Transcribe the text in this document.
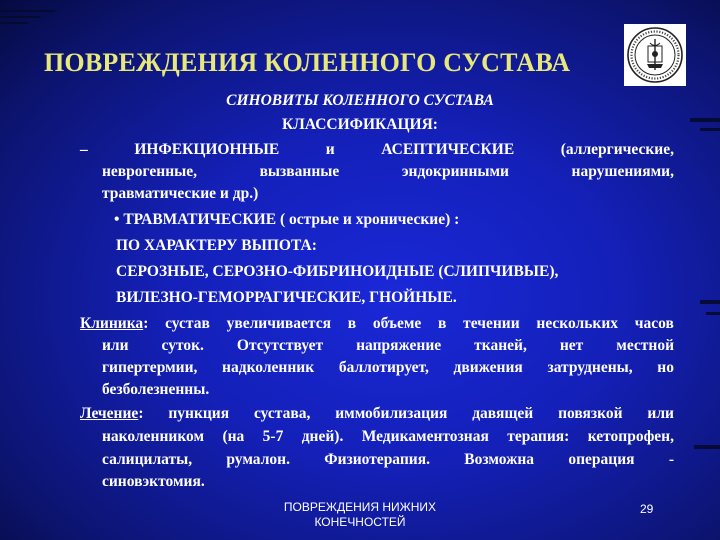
ПОВРЕЖДЕНИЯ КОЛЕННОГО СУСТАВА
СИНОВИТЫ КОЛЕННОГО СУСТАВА
КЛАССИФИКАЦИЯ:
–	ИНФЕКЦИОННЫЕ	и	АСЕПТИЧЕСКИЕ	(аллергические,
неврогенные,	вызванные	эндокринными	нарушениями,
травматические и др.)
• ТРАВМАТИЧЕСКИЕ ( острые и хронические) :
ПО ХАРАКТЕРУ ВЫПОТА:
СЕРОЗНЫЕ, СЕРОЗНО-ФИБРИНОИДНЫЕ (СЛИПЧИВЫЕ),
ВИЛЕЗНО-ГЕМОРРАГИЧЕСКИЕ, ГНОЙНЫЕ.
Клиника: сустав увеличивается в объеме в течении нескольких часов
или суток. Отсутствует напряжение тканей, нет местной
гипертермии, надколенник баллотирует, движения затруднены, но
безболезненны.
Лечение: пункция сустава, иммобилизация давящей повязкой или
наколенником (на 5-7 дней). Медикаментозная терапия: кетопрофен,
салицилаты, румалон. Физиотерапия. Возможна операция -
синовэктомия.
ПОВРЕЖДЕНИЯ НИЖНИХ
КОНЕЧНОСТЕЙ
29
